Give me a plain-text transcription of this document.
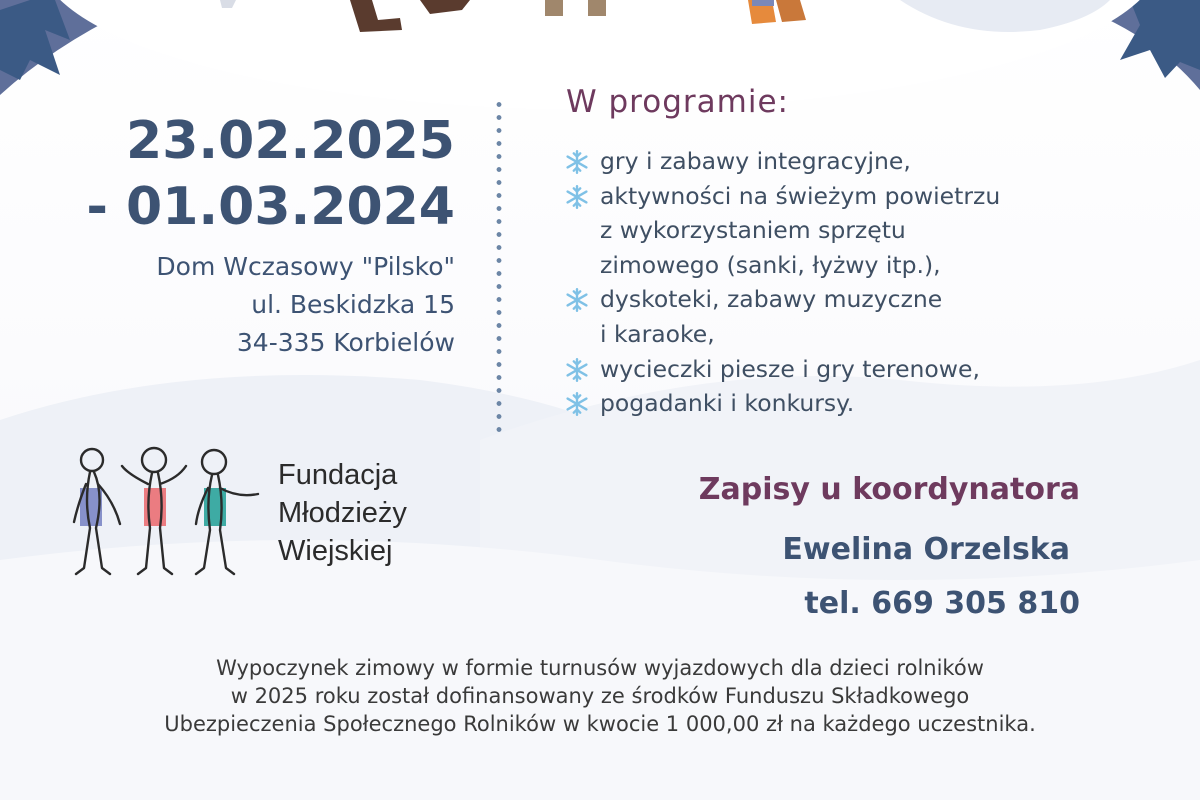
23.02.2025
- 01.03.2024
Dom Wczasowy "Pilsko"
ul. Beskidzka 15
34-335 Korbielów
W programie:
gry i zabawy integracyjne,
aktywności na świeżym powietrzu
z wykorzystaniem sprzętu
zimowego (sanki, łyżwy itp.),
dyskoteki, zabawy muzyczne
i karaoke,
wycieczki piesze i gry terenowe,
pogadanki i konkursy.
Fundacja
Młodzieży
Wiejskiej
Zapisy u koordynatora
Ewelina Orzelska
tel. 669 305 810
Wypoczynek zimowy w formie turnusów wyjazdowych dla dzieci rolników
w 2025 roku został dofinansowany ze środków Funduszu Składkowego
Ubezpieczenia Społecznego Rolników w kwocie 1 000,00 zł na każdego uczestnika.
